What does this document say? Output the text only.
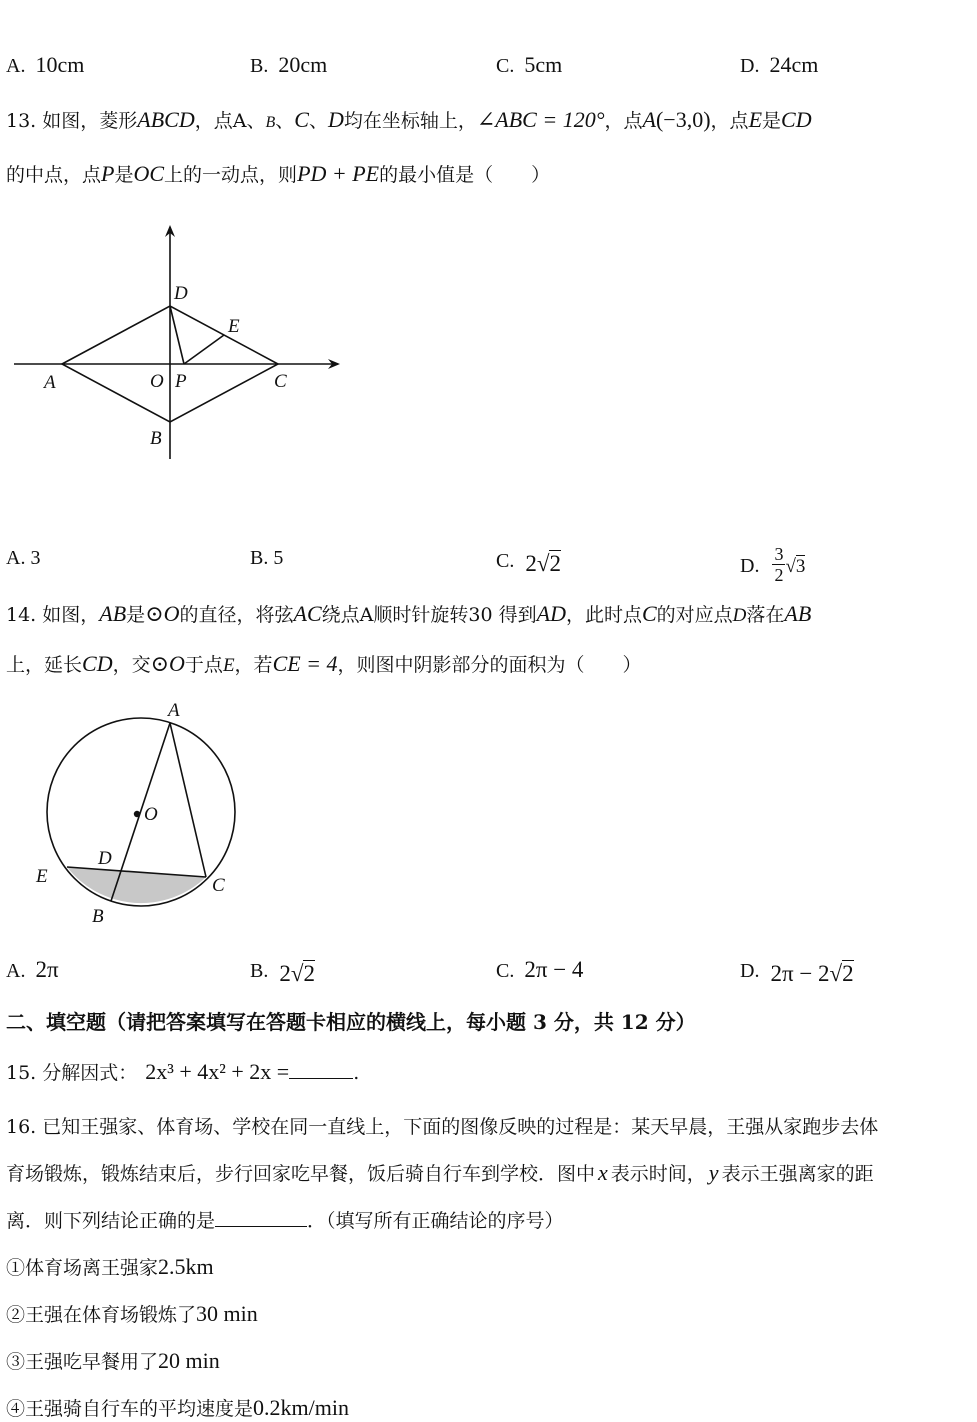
A. 10cm	B. 20cm	C. 5cm	D. 24cm
13. 如图，菱形ABCD，点A、B、C、D均在坐标轴上，∠ABC = 120°，点A(−3,0)，点E是CD
的中点，点P是OC上的一动点，则PD + PE的最小值是（　　）
D
E
A	O P	C
B
A. 3	B. 5	C. 2√2	D. $\frac{3}{2} √3$
14. 如图，AB是⊙O的直径，将弦AC绕点A顺时针旋转30 得到AD，此时点C的对应点D落在AB
上，延长CD，交⊙O于点E，若CE = 4，则图中阴影部分的面积为（　　）
A
O
D
E	C
B
A. 2π	B. 2√2	C. 2π − 4	D. 2π − 2√2
二、填空题（请把答案填写在答题卡相应的横线上，每小题 3 分，共 12 分）
15. 分解因式： 2x³ + 4x² + 2x =	.
16. 已知王强家、体育场、学校在同一直线上，下面的图像反映的过程是：某天早晨，王强从家跑步去体
育场锻炼，锻炼结束后，步行回家吃早餐，饭后骑自行车到学校．图中 x 表示时间， y 表示王强离家的距
离．则下列结论正确的是	．（填写所有正确结论的序号）
①体育场离王强家2.5km
②王强在体育场锻炼了30 min
③王强吃早餐用了20 min
④王强骑自行车的平均速度是0.2km/min
